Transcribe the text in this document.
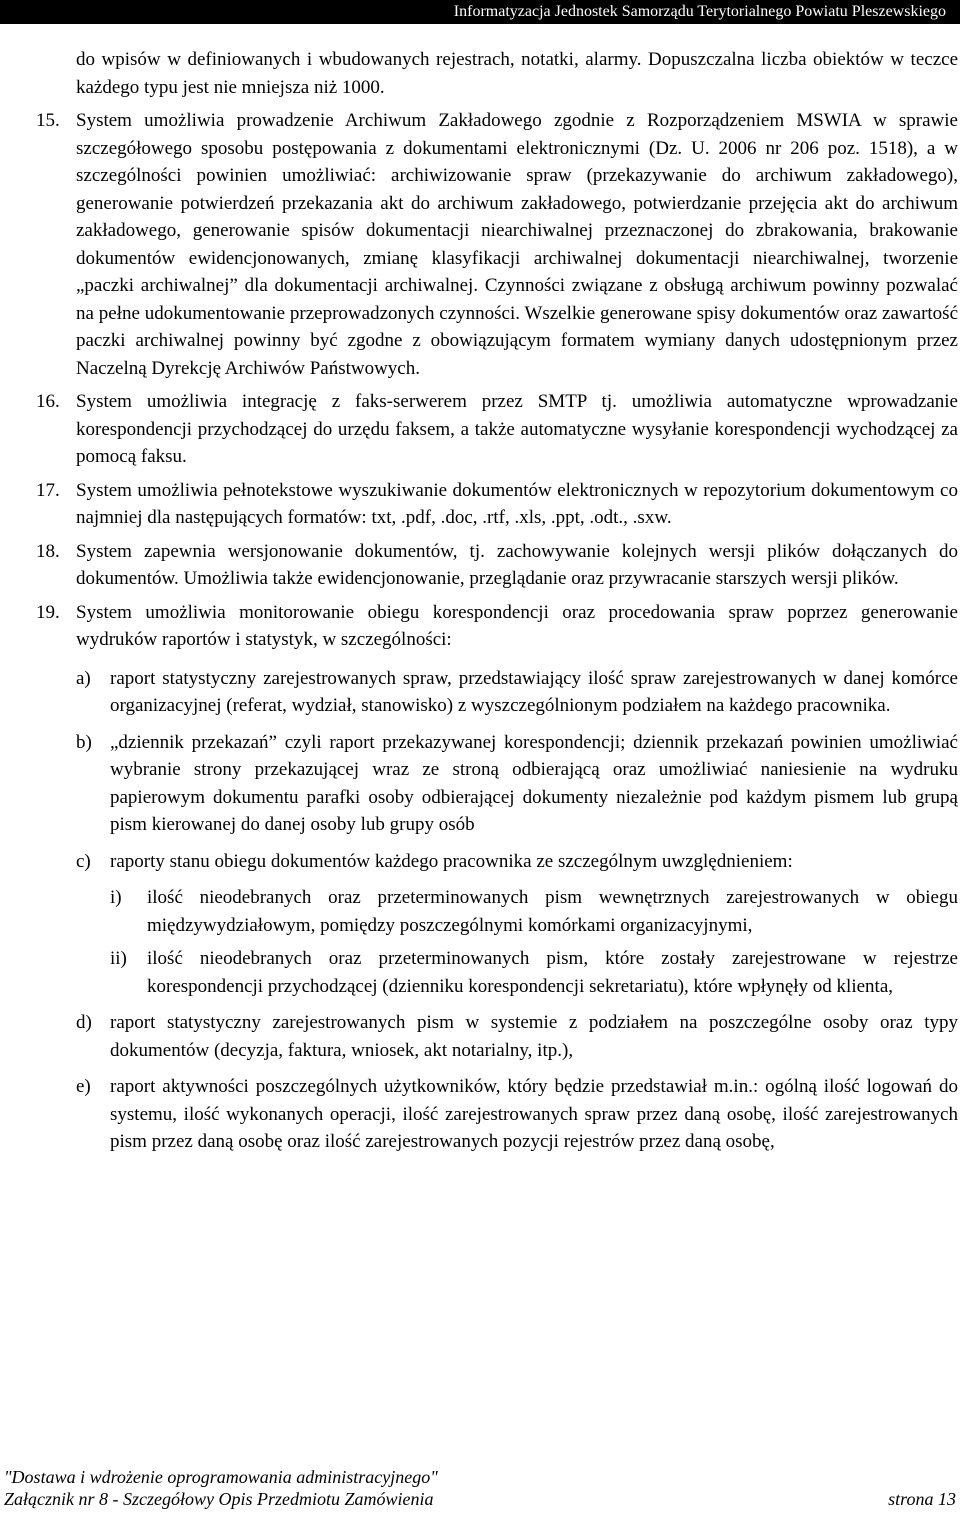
Informatyzacja Jednostek Samorządu Terytorialnego Powiatu Pleszewskiego

do wpisów w definiowanych i wbudowanych rejestrach, notatki, alarmy. Dopuszczalna liczba obiektów w teczce każdego typu jest nie mniejsza niż 1000.

15. System umożliwia prowadzenie Archiwum Zakładowego zgodnie z Rozporządzeniem MSWIA w sprawie szczegółowego sposobu postępowania z dokumentami elektronicznymi (Dz. U. 2006 nr 206 poz. 1518), a w szczególności powinien umożliwiać: archiwizowanie spraw (przekazywanie do archiwum zakładowego), generowanie potwierdzeń przekazania akt do archiwum zakładowego, potwierdzanie przejęcia akt do archiwum zakładowego, generowanie spisów dokumentacji niearchiwalnej przeznaczonej do zbrakowania, brakowanie dokumentów ewidencjonowanych, zmianę klasyfikacji archiwalnej dokumentacji niearchiwalnej, tworzenie „paczki archiwalnej” dla dokumentacji archiwalnej. Czynności związane z obsługą archiwum powinny pozwalać na pełne udokumentowanie przeprowadzonych czynności. Wszelkie generowane spisy dokumentów oraz zawartość paczki archiwalnej powinny być zgodne z obowiązującym formatem wymiany danych udostępnionym przez Naczelną Dyrekcję Archiwów Państwowych.

16. System umożliwia integrację z faks-serwerem przez SMTP tj. umożliwia automatyczne wprowadzanie korespondencji przychodzącej do urzędu faksem, a także automatyczne wysyłanie korespondencji wychodzącej za pomocą faksu.

17. System umożliwia pełnotekstowe wyszukiwanie dokumentów elektronicznych w repozytorium dokumentowym co najmniej dla następujących formatów: txt, .pdf, .doc, .rtf, .xls, .ppt, .odt., .sxw.

18. System zapewnia wersjonowanie dokumentów, tj. zachowywanie kolejnych wersji plików dołączanych do dokumentów. Umożliwia także ewidencjonowanie, przeglądanie oraz przywracanie starszych wersji plików.

19. System umożliwia monitorowanie obiegu korespondencji oraz procedowania spraw poprzez generowanie wydruków raportów i statystyk, w szczególności:

a) raport statystyczny zarejestrowanych spraw, przedstawiający ilość spraw zarejestrowanych w danej komórce organizacyjnej (referat, wydział, stanowisko) z wyszczególnionym podziałem na każdego pracownika.

b) „dziennik przekazań” czyli raport przekazywanej korespondencji; dziennik przekazań powinien umożliwiać wybranie strony przekazującej wraz ze stroną odbierającą oraz umożliwiać naniesienie na wydruku papierowym dokumentu parafki osoby odbierającej dokumenty niezależnie pod każdym pismem lub grupą pism kierowanej do danej osoby lub grupy osób

c) raporty stanu obiegu dokumentów każdego pracownika ze szczególnym uwzględnieniem:

i) ilość nieodebranych oraz przeterminowanych pism wewnętrznych zarejestrowanych w obiegu międzywydziałowym, pomiędzy poszczególnymi komórkami organizacyjnymi,

ii) ilość nieodebranych oraz przeterminowanych pism, które zostały zarejestrowane w rejestrze korespondencji przychodzącej (dzienniku korespondencji sekretariatu), które wpłynęły od klienta,

d) raport statystyczny zarejestrowanych pism w systemie z podziałem na poszczególne osoby oraz typy dokumentów (decyzja, faktura, wniosek, akt notarialny, itp.),

e) raport aktywności poszczególnych użytkowników, który będzie przedstawiał m.in.: ogólną ilość logowań do systemu, ilość wykonanych operacji, ilość zarejestrowanych spraw przez daną osobę, ilość zarejestrowanych pism przez daną osobę oraz ilość zarejestrowanych pozycji rejestrów przez daną osobę,

"Dostawa i wdrożenie oprogramowania administracyjnego"
Załącznik nr 8 - Szczegółowy Opis Przedmiotu Zamówienia	strona 13
